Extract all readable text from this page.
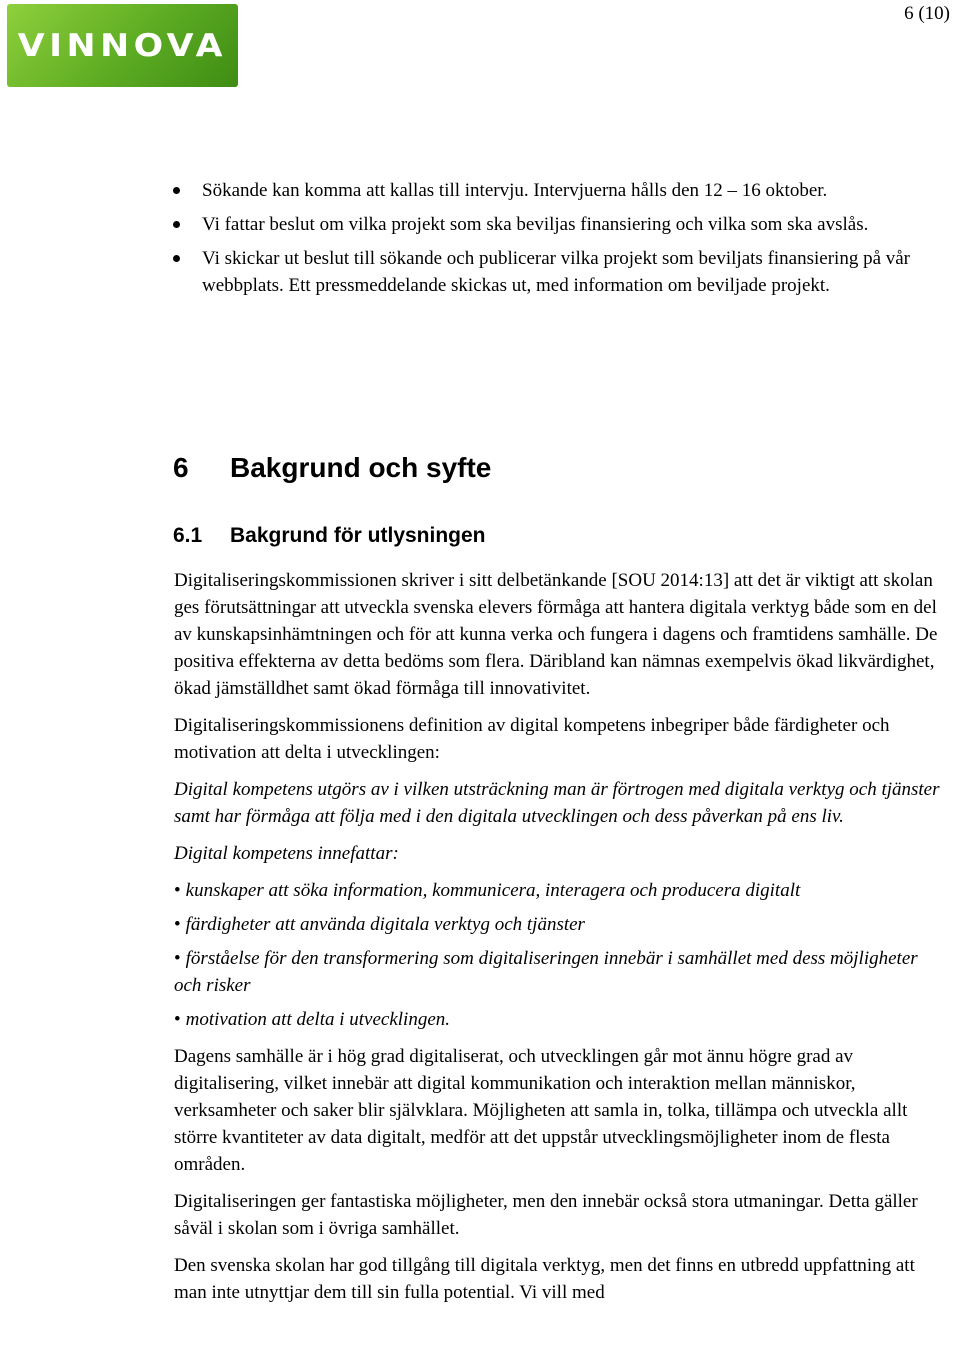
VINNOVA
6 (10)
Sökande kan komma att kallas till intervju. Intervjuerna hålls den 12 – 16 oktober.
Vi fattar beslut om vilka projekt som ska beviljas finansiering och vilka som ska avslås.
Vi skickar ut beslut till sökande och publicerar vilka projekt som beviljats finansiering på vår webbplats. Ett pressmeddelande skickas ut, med information om beviljade projekt.
6 Bakgrund och syfte
6.1 Bakgrund för utlysningen

Digitaliseringskommissionen skriver i sitt delbetänkande [SOU 2014:13] att det är viktigt att skolan ges förutsättningar att utveckla svenska elevers förmåga att hantera digitala verktyg både som en del av kunskapsinhämtningen och för att kunna verka och fungera i dagens och framtidens samhälle. De positiva effekterna av detta bedöms som flera. Däribland kan nämnas exempelvis ökad likvärdighet, ökad jämställdhet samt ökad förmåga till innovativitet.

Digitaliseringskommissionens definition av digital kompetens inbegriper både färdigheter och motivation att delta i utvecklingen:

Digital kompetens utgörs av i vilken utsträckning man är förtrogen med digitala verktyg och tjänster samt har förmåga att följa med i den digitala utvecklingen och dess påverkan på ens liv.

Digital kompetens innefattar:

• kunskaper att söka information, kommunicera, interagera och producera digitalt
• färdigheter att använda digitala verktyg och tjänster
• förståelse för den transformering som digitaliseringen innebär i samhället med dess möjligheter och risker
• motivation att delta i utvecklingen.

Dagens samhälle är i hög grad digitaliserat, och utvecklingen går mot ännu högre grad av digitalisering, vilket innebär att digital kommunikation och interaktion mellan människor, verksamheter och saker blir självklara. Möjligheten att samla in, tolka, tillämpa och utveckla allt större kvantiteter av data digitalt, medför att det uppstår utvecklingsmöjligheter inom de flesta områden.

Digitaliseringen ger fantastiska möjligheter, men den innebär också stora utmaningar. Detta gäller såväl i skolan som i övriga samhället.

Den svenska skolan har god tillgång till digitala verktyg, men det finns en utbredd uppfattning att man inte utnyttjar dem till sin fulla potential. Vi vill med
